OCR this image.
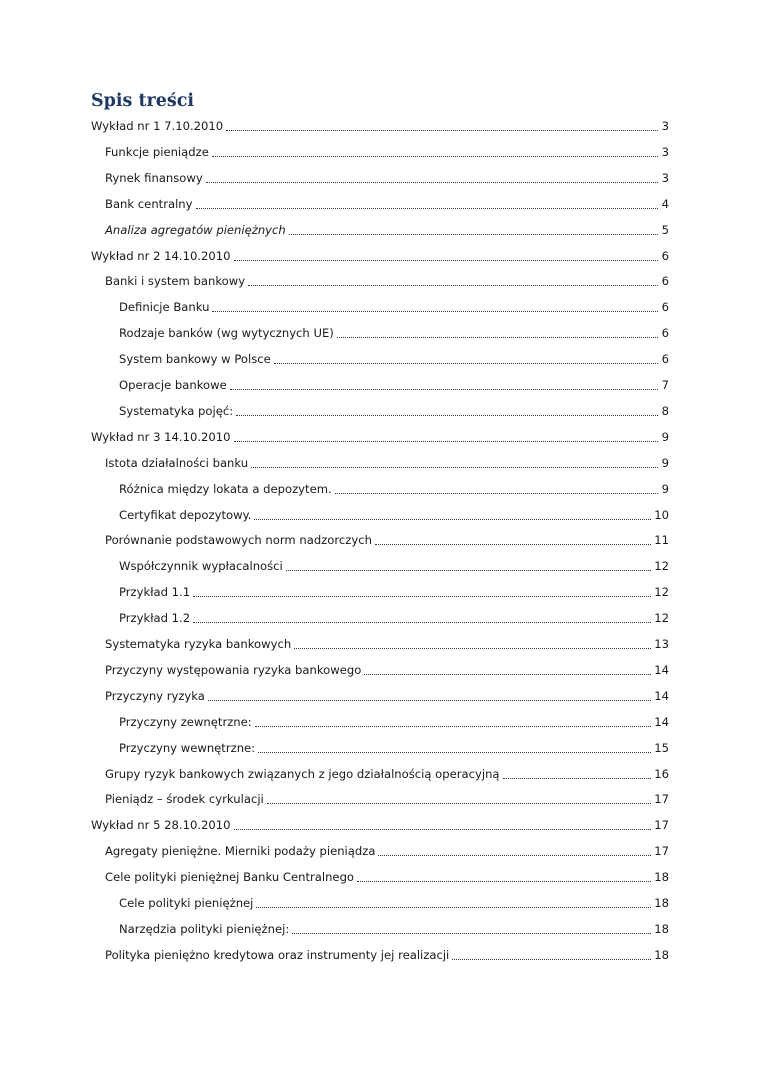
Spis treści
Wykład nr 1 7.10.2010	3
Funkcje pieniądze	3
Rynek finansowy	3
Bank centralny	4
Analiza agregatów pieniężnych	5
Wykład nr 2 14.10.2010	6
Banki i system bankowy	6
Definicje Banku	6
Rodzaje banków (wg wytycznych UE)	6
System bankowy w Polsce	6
Operacje bankowe	7
Systematyka pojęć:	8
Wykład nr 3 14.10.2010	9
Istota działalności banku	9
Różnica między lokata a depozytem.	9
Certyfikat depozytowy.	10
Porównanie podstawowych norm nadzorczych	11
Współczynnik wypłacalności	12
Przykład 1.1	12
Przykład 1.2	12
Systematyka ryzyka bankowych	13
Przyczyny występowania ryzyka bankowego	14
Przyczyny ryzyka	14
Przyczyny zewnętrzne:	14
Przyczyny wewnętrzne:	15
Grupy ryzyk bankowych związanych z jego działalnością operacyjną	16
Pieniądz – środek cyrkulacji	17
Wykład nr 5 28.10.2010	17
Agregaty pieniężne. Mierniki podaży pieniądza	17
Cele polityki pieniężnej Banku Centralnego	18
Cele polityki pieniężnej	18
Narzędzia polityki pieniężnej:	18
Polityka pieniężno kredytowa oraz instrumenty jej realizacji	18
